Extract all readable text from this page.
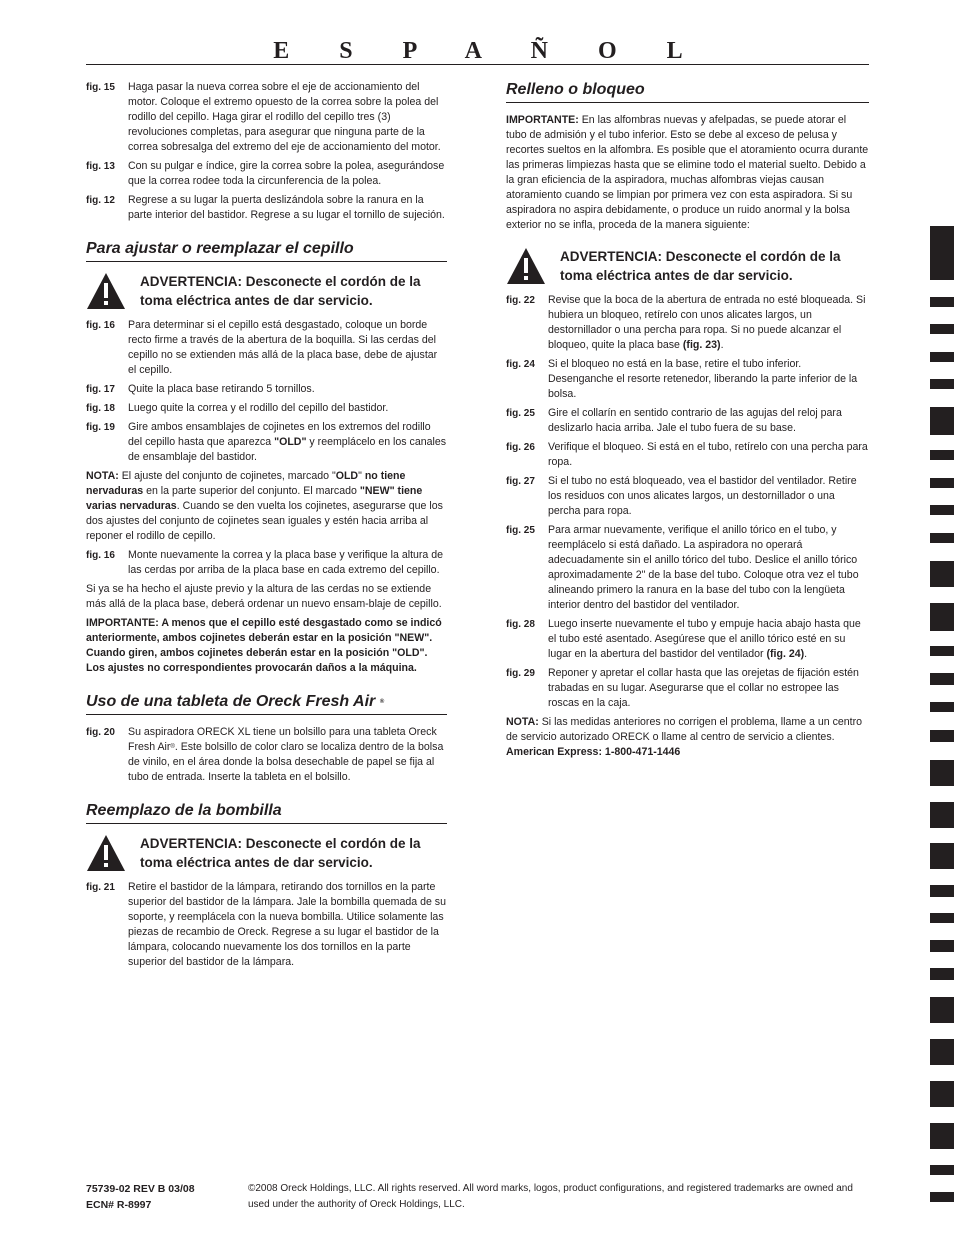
E S P A Ñ O L
fig. 15	Haga pasar la nueva correa sobre el eje de accionamiento del motor. Coloque el extremo opuesto de la correa sobre la polea del rodillo del cepillo. Haga girar el rodillo del cepillo tres (3) revoluciones completas, para asegurar que ninguna parte de la correa sobresalga del extremo del eje de accionamiento del motor.
fig. 13	Con su pulgar e índice, gire la correa sobre la polea, asegurándose que la correa rodee toda la circunferencia de la polea.
fig. 12	Regrese a su lugar la puerta deslizándola sobre la ranura en la parte interior del bastidor. Regrese a su lugar el tornillo de sujeción.
Para ajustar o reemplazar el cepillo
ADVERTENCIA: Desconecte el cordón de la toma eléctrica antes de dar servicio.
fig. 16	Para determinar si el cepillo está desgastado, coloque un borde recto firme a través de la abertura de la boquilla. Si las cerdas del cepillo no se extienden más allá de la placa base, debe de ajustar el cepillo.
fig. 17	Quite la placa base retirando 5 tornillos.
fig. 18	Luego quite la correa y el rodillo del cepillo del bastidor.
fig. 19	Gire ambos ensamblajes de cojinetes en los extremos del rodillo del cepillo hasta que aparezca "OLD" y reemplácelo en los canales de ensamblaje del bastidor.

NOTA: El ajuste del conjunto de cojinetes, marcado "OLD" no tiene nervaduras en la parte superior del conjunto. El marcado "NEW" tiene varias nervaduras. Cuando se den vuelta los cojinetes, asegurarse que los dos ajustes del conjunto de cojinetes sean iguales y estén hacia arriba al reponer el rodillo de cepillo.

fig. 16	Monte nuevamente la correa y la placa base y verifique la altura de las cerdas por arriba de la placa base en cada extremo del cepillo.

Si ya se ha hecho el ajuste previo y la altura de las cerdas no se extiende más allá de la placa base, deberá ordenar un nuevo ensam-blaje de cepillo.

IMPORTANTE: A menos que el cepillo esté desgastado como se indicó anteriormente, ambos cojinetes deberán estar en la posición "NEW". Cuando giren, ambos cojinetes deberán estar en la posición "OLD". Los ajustes no correspondientes provocarán daños a la máquina.

Uso de una tableta de Oreck Fresh Air ®
fig. 20	Su aspiradora ORECK XL tiene un bolsillo para una tableta Oreck Fresh Air®. Este bolsillo de color claro se localiza dentro de la bolsa de vinilo, en el área donde la bolsa desechable de papel se fija al tubo de entrada. Inserte la tableta en el bolsillo.
Reemplazo de la bombilla
ADVERTENCIA: Desconecte el cordón de la toma eléctrica antes de dar servicio.
fig. 21	Retire el bastidor de la lámpara, retirando dos tornillos en la parte superior del bastidor de la lámpara. Jale la bombilla quemada de su soporte, y reemplácela con la nueva bombilla. Utilice solamente las piezas de recambio de Oreck. Regrese a su lugar el bastidor de la lámpara, colocando nuevamente los dos tornillos en la parte superior del bastidor de la lámpara.
Relleno o bloqueo

IMPORTANTE: En las alfombras nuevas y afelpadas, se puede atorar el tubo de admisión y el tubo inferior. Esto se debe al exceso de pelusa y recortes sueltos en la alfombra. Es posible que el atoramiento ocurra durante las primeras limpiezas hasta que se elimine todo el material suelto. Debido a la gran eficiencia de la aspiradora, muchas alfombras viejas causan atoramiento cuando se limpian por primera vez con esta aspiradora. Si su aspiradora no aspira debidamente, o produce un ruido anormal y la bolsa exterior no se infla, proceda de la manera siguiente:

ADVERTENCIA: Desconecte el cordón de la toma eléctrica antes de dar servicio.
fig. 22	Revise que la boca de la abertura de entrada no esté bloqueada. Si hubiera un bloqueo, retírelo con unos alicates largos, un destornillador o una percha para ropa. Si no puede alcanzar el bloqueo, quite la placa base (fig. 23).
fig. 24	Si el bloqueo no está en la base, retire el tubo inferior. Desenganche el resorte retenedor, liberando la parte inferior de la bolsa.
fig. 25	Gire el collarín en sentido contrario de las agujas del reloj para deslizarlo hacia arriba. Jale el tubo fuera de su base.
fig. 26	Verifique el bloqueo. Si está en el tubo, retírelo con una percha para ropa.
fig. 27	Si el tubo no está bloqueado, vea el bastidor del ventilador. Retire los residuos con unos alicates largos, un destornillador o una percha para ropa.
fig. 25	Para armar nuevamente, verifique el anillo tórico en el tubo, y reemplácelo si está dañado. La aspiradora no operará adecuadamente sin el anillo tórico del tubo. Deslice el anillo tórico aproximadamente 2" de la base del tubo. Coloque otra vez el tubo alineando primero la ranura en la base del tubo con la lengüeta interior dentro del bastidor del ventilador.
fig. 28	Luego inserte nuevamente el tubo y empuje hacia abajo hasta que el tubo esté asentado. Asegúrese que el anillo tórico esté en su lugar en la abertura del bastidor del ventilador (fig. 24).
fig. 29	Reponer y apretar el collar hasta que las orejetas de fijación estén trabadas en su lugar. Asegurarse que el collar no estropee las roscas en la caja.

NOTA: Si las medidas anteriores no corrigen el problema, llame a un centro de servicio autorizado ORECK o llame al centro de servicio a clientes. American Express: 1-800-471-1446

75739-02 REV B 03/08
ECN# R-8997
©2008 Oreck Holdings, LLC. All rights reserved. All word marks, logos, product configurations, and registered trademarks are owned and used under the authority of Oreck Holdings, LLC.
